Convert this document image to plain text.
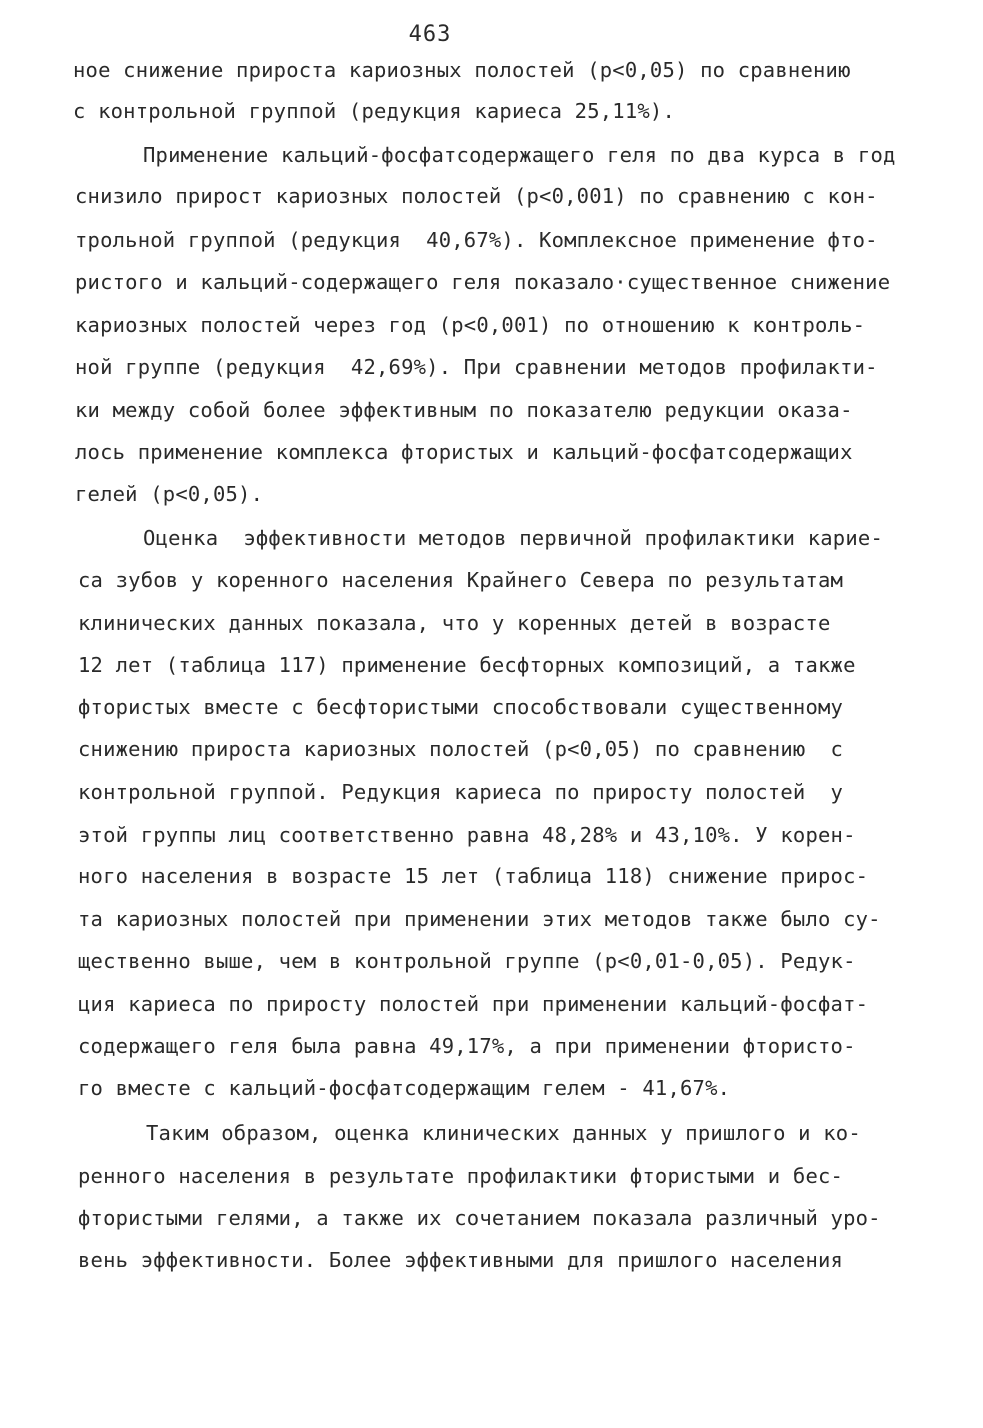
463
ное снижение прироста кариозных полостей (р<0,05) по сравнению
с контрольной группой (редукция кариеса 25,11%).
Применение кальций-фосфатсодержащего геля по два курса в год
снизило прирост кариозных полостей (р<0,001) по сравнению с кон-
трольной группой (редукция  40,67%). Комплексное применение фто-
ристого и кальций-содержащего геля показало·существенное снижение
кариозных полостей через год (р<0,001) по отношению к контроль-
ной группе (редукция  42,69%). При сравнении методов профилакти-
ки между собой более эффективным по показателю редукции оказа-
лось применение комплекса фтористых и кальций-фосфатсодержащих
гелей (р<0,05).
Оценка  эффективности методов первичной профилактики карие-
са зубов у коренного населения Крайнего Севера по результатам
клинических данных показала, что у коренных детей в возрасте
12 лет (таблица 117) применение бесфторных композиций, а также
фтористых вместе с бесфтористыми способствовали существенному
снижению прироста кариозных полостей (р<0,05) по сравнению  с
контрольной группой. Редукция кариеса по приросту полостей  у
этой группы лиц соответственно равна 48,28% и 43,10%. У корен-
ного населения в возрасте 15 лет (таблица 118) снижение прирос-
та кариозных полостей при применении этих методов также было су-
щественно выше, чем в контрольной группе (р<0,01-0,05). Редук-
ция кариеса по приросту полостей при применении кальций-фосфат-
содержащего геля была равна 49,17%, а при применении фтористо-
го вместе с кальций-фосфатсодержащим гелем - 41,67%.
Таким образом, оценка клинических данных у пришлого и ко-
ренного населения в результате профилактики фтористыми и бес-
фтористыми гелями, а также их сочетанием показала различный уро-
вень эффективности. Более эффективными для пришлого населения
